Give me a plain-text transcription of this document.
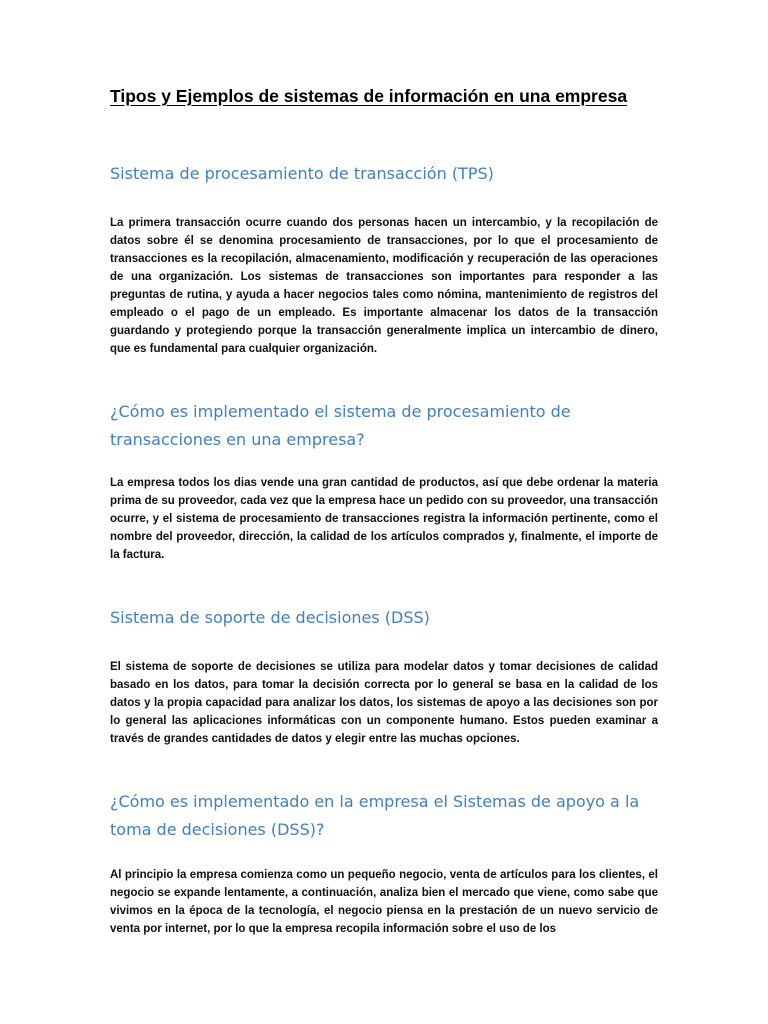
Tipos y Ejemplos de sistemas de información en una empresa
Sistema de procesamiento de transacción (TPS)

La primera transacción ocurre cuando dos personas hacen un intercambio, y la recopilación de datos sobre él se denomina procesamiento de transacciones, por lo que el procesamiento de transacciones es la recopilación, almacenamiento, modificación y recuperación de las operaciones de una organización. Los sistemas de transacciones son importantes para responder a las preguntas de rutina, y ayuda a hacer negocios tales como nómina, mantenimiento de registros del empleado o el pago de un empleado. Es importante almacenar los datos de la transacción guardando y protegiendo porque la transacción generalmente implica un intercambio de dinero, que es fundamental para cualquier organización.

¿Cómo es implementado el sistema de procesamiento de transacciones en una empresa?

La empresa todos los dias vende una gran cantidad de productos, así que debe ordenar la materia prima de su proveedor, cada vez que la empresa hace un pedido con su proveedor, una transacción ocurre, y el sistema de procesamiento de transacciones registra la información pertinente, como el nombre del proveedor, dirección, la calidad de los artículos comprados y, finalmente, el importe de la factura.

Sistema de soporte de decisiones (DSS)

El sistema de soporte de decisiones se utiliza para modelar datos y tomar decisiones de calidad basado en los datos, para tomar la decisión correcta por lo general se basa en la calidad de los datos y la propia capacidad para analizar los datos, los sistemas de apoyo a las decisiones son por lo general las aplicaciones informáticas con un componente humano. Estos pueden examinar a través de grandes cantidades de datos y elegir entre las muchas opciones.

¿Cómo es implementado en la empresa el Sistemas de apoyo a la toma de decisiones (DSS)?

Al principio la empresa comienza como un pequeño negocio, venta de artículos para los clientes, el negocio se expande lentamente, a continuación, analiza bien el mercado que viene, como sabe que vivimos en la época de la tecnología, el negocio piensa en la prestación de un nuevo servicio de venta por internet, por lo que la empresa recopila información sobre el uso de los
